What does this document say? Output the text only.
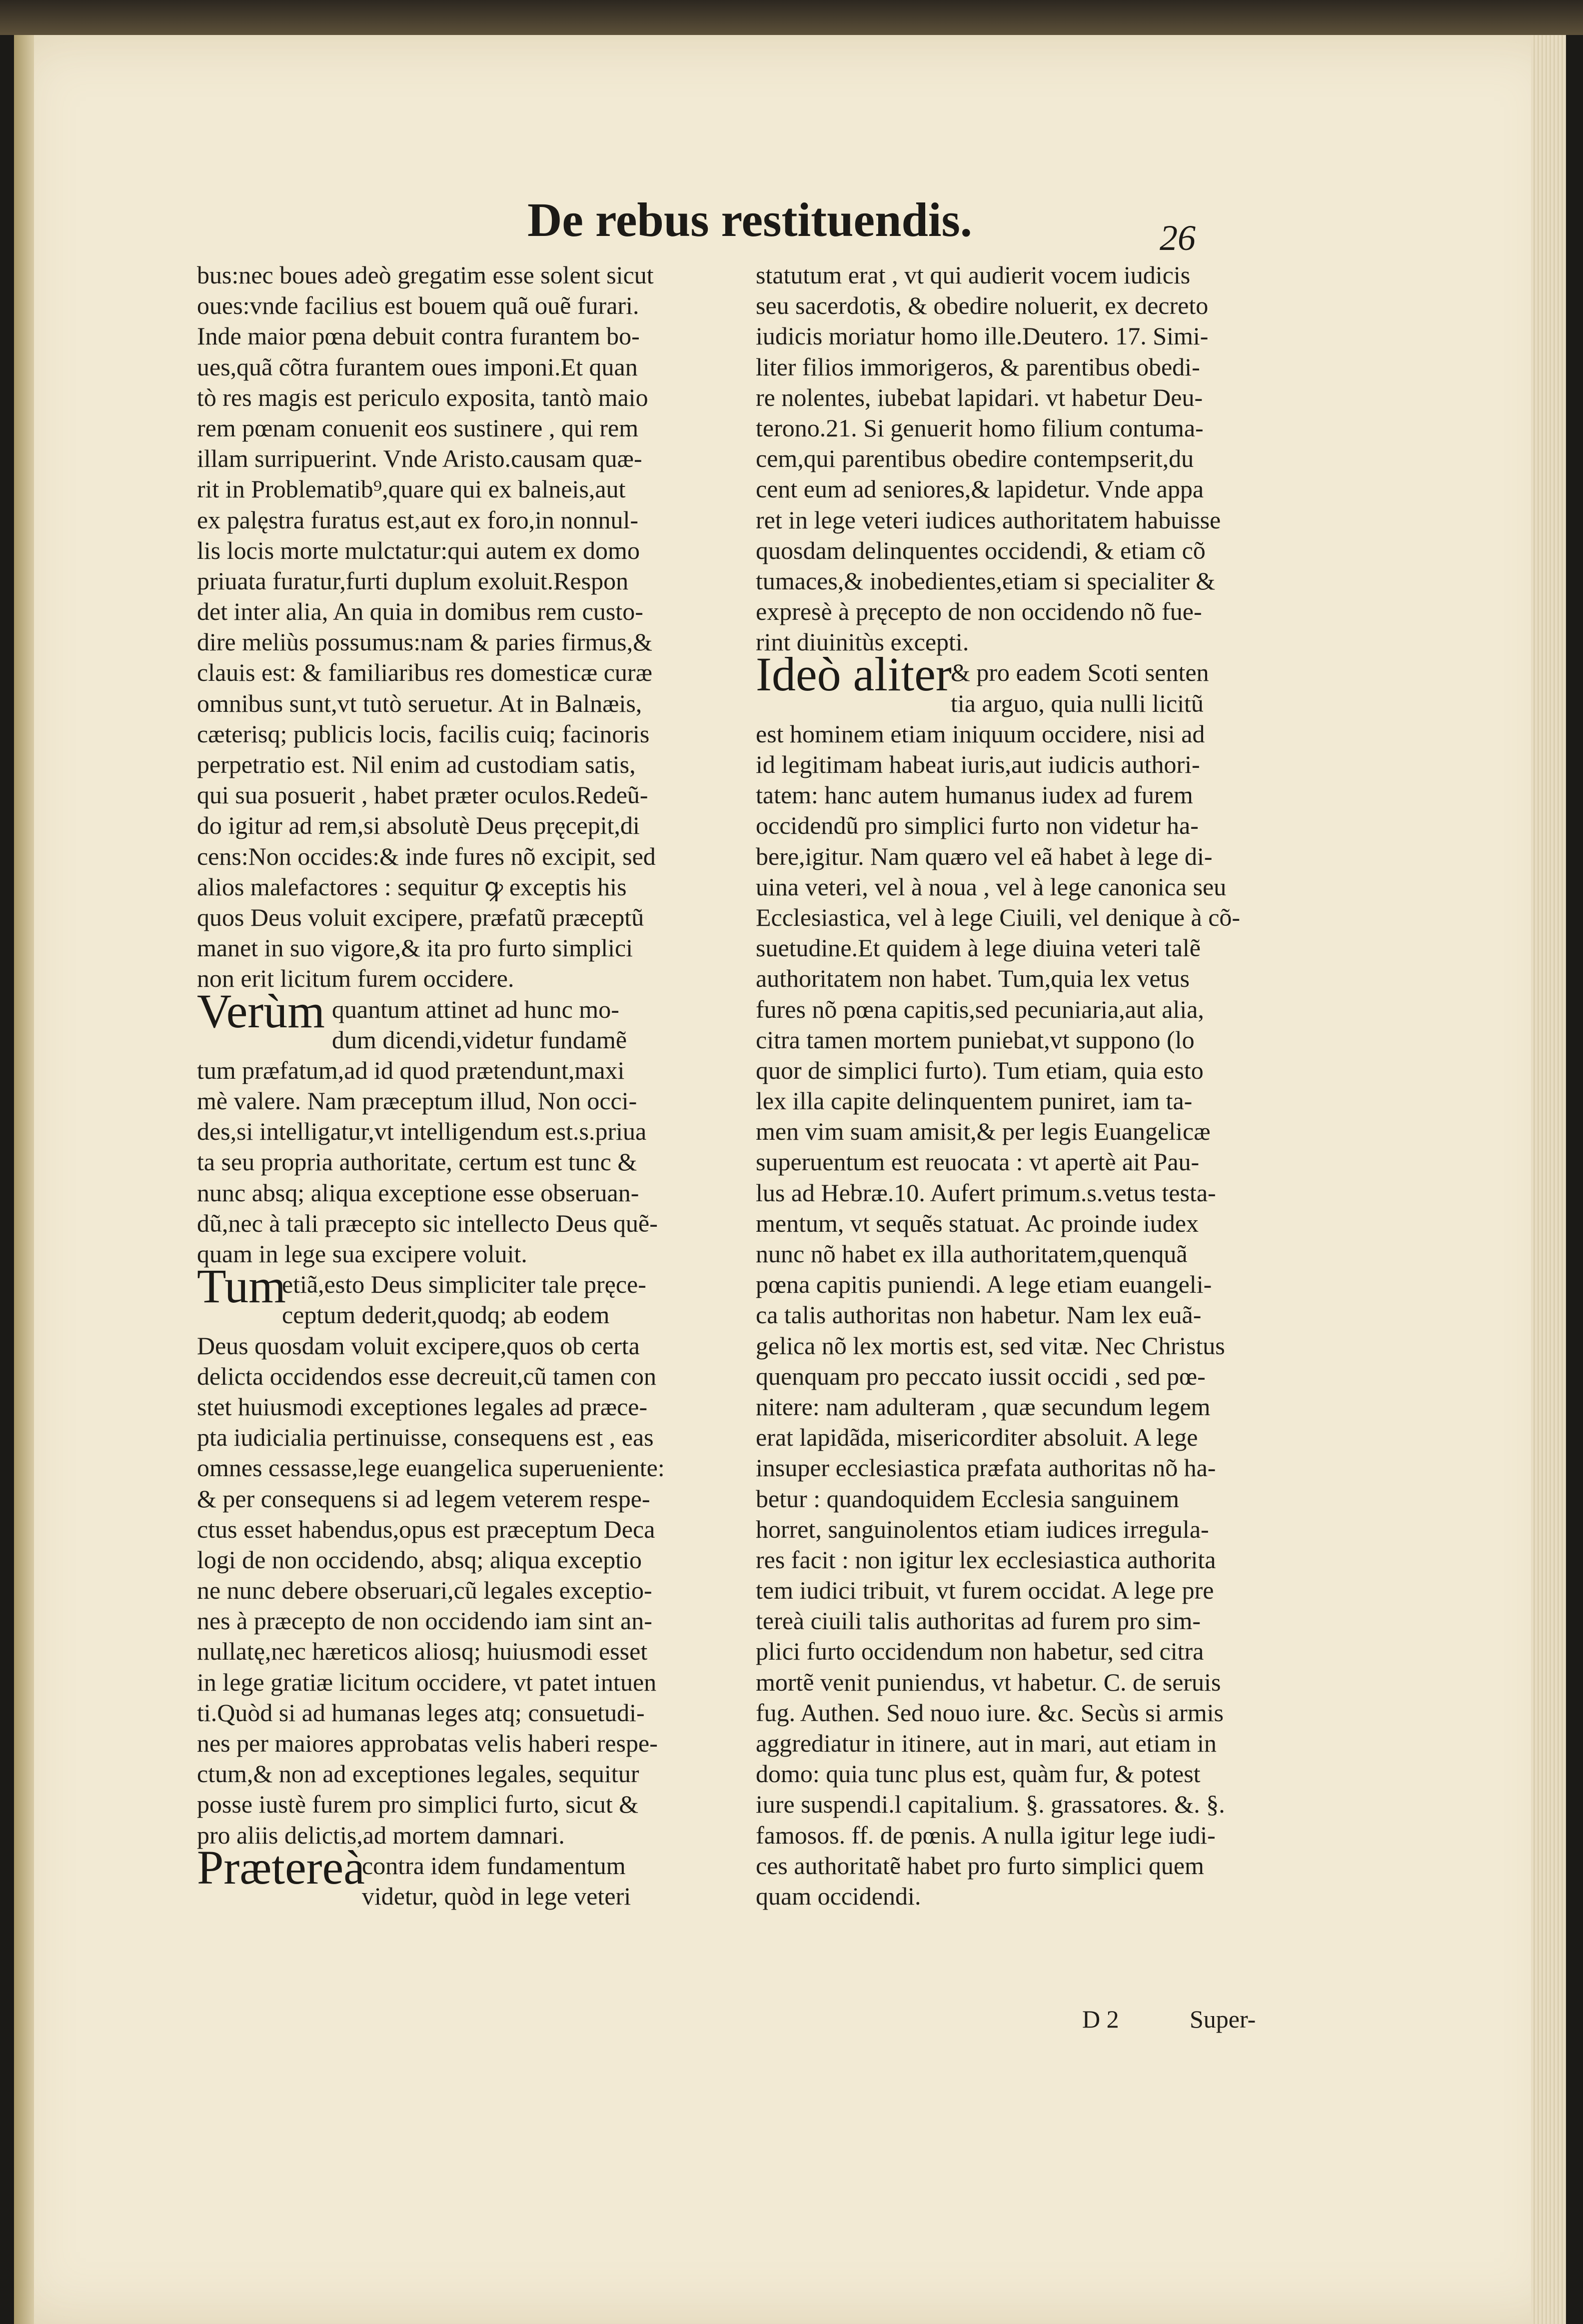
De rebus restituendis.	26
bus:nec boues adeò gregatim esse solent sicut
oues:vnde facilius est bouem quã ouẽ furari.
Inde maior pœna debuit contra furantem bo-
ues,quã cõtra furantem oues imponi.Et quan
tò res magis est periculo exposita, tantò maio
rem pœnam conuenit eos sustinere , qui rem
illam surripuerint. Vnde Aristo.causam quæ-
rit in Problematib⁹,quare qui ex balneis,aut
ex palęstra furatus est,aut ex foro,in nonnul-
lis locis morte mulctatur:qui autem ex domo
priuata furatur,furti duplum exoluit.Respon
det inter alia, An quia in domibus rem custo-
dire meliùs possumus:nam & paries firmus,&
clauis est: & familiaribus res domesticæ curæ
omnibus sunt,vt tutò seruetur. At in Balnæis,
cæterisq; publicis locis, facilis cuiq; facinoris
perpetratio est. Nil enim ad custodiam satis,
qui sua posuerit , habet præter oculos.Redeũ-
do igitur ad rem,si absolutè Deus pręcepit,di
cens:Non occides:& inde fures nõ excipit, sed
alios malefactores : sequitur ꝙ exceptis his
quos Deus voluit excipere, præfatũ præceptũ
manet in suo vigore,& ita pro furto simplici
non erit licitum furem occidere.
Verùm quantum attinet ad hunc mo-
dum dicendi,videtur fundamẽ
tum præfatum,ad id quod prætendunt,maxi
mè valere. Nam præceptum illud, Non occi-
des,si intelligatur,vt intelligendum est.s.priua
ta seu propria authoritate, certum est tunc &
nunc absq; aliqua exceptione esse obseruan-
dũ,nec à tali præcepto sic intellecto Deus quẽ-
quam in lege sua excipere voluit.
Tum
etiã,esto Deus simpliciter tale pręce-
ceptum dederit,quodq; ab eodem
Deus quosdam voluit excipere,quos ob certa
delicta occidendos esse decreuit,cũ tamen con
stet huiusmodi exceptiones legales ad præce-
pta iudicialia pertinuisse, consequens est , eas
omnes cessasse,lege euangelica superueniente:
& per consequens si ad legem veterem respe-
ctus esset habendus,opus est præceptum Deca
logi de non occidendo, absq; aliqua exceptio
ne nunc debere obseruari,cũ legales exceptio-
nes à præcepto de non occidendo iam sint an-
nullatę,nec hæreticos aliosq; huiusmodi esset
in lege gratiæ licitum occidere, vt patet intuen
ti.Quòd si ad humanas leges atq; consuetudi-
nes per maiores approbatas velis haberi respe-
ctum,& non ad exceptiones legales, sequitur
posse iustè furem pro simplici furto, sicut &
pro aliis delictis,ad mortem damnari.
Prætereà
contra idem fundamentum
videtur, quòd in lege veteri
statutum erat , vt qui audierit vocem iudicis
seu sacerdotis, & obedire noluerit, ex decreto
iudicis moriatur homo ille.Deutero. 17. Simi-
liter filios immorigeros, & parentibus obedi-
re nolentes, iubebat lapidari. vt habetur Deu-
terono.21. Si genuerit homo filium contuma-
cem,qui parentibus obedire contempserit,du
cent eum ad seniores,& lapidetur. Vnde appa
ret in lege veteri iudices authoritatem habuisse
quosdam delinquentes occidendi, & etiam cõ
tumaces,& inobedientes,etiam si specialiter &
expresè à pręcepto de non occidendo nõ fue-
rint diuinitùs excepti.
Ideò aliter
& pro eadem Scoti senten
tia arguo, quia nulli licitũ
est hominem etiam iniquum occidere, nisi ad
id legitimam habeat iuris,aut iudicis authori-
tatem: hanc autem humanus iudex ad furem
occidendũ pro simplici furto non videtur ha-
bere,igitur. Nam quæro vel eã habet à lege di-
uina veteri, vel à noua , vel à lege canonica seu
Ecclesiastica, vel à lege Ciuili, vel denique à cõ-
suetudine.Et quidem à lege diuina veteri talẽ
authoritatem non habet. Tum,quia lex vetus
fures nõ pœna capitis,sed pecuniaria,aut alia,
citra tamen mortem puniebat,vt suppono (lo
quor de simplici furto). Tum etiam, quia esto
lex illa capite delinquentem puniret, iam ta-
men vim suam amisit,& per legis Euangelicæ
superuentum est reuocata : vt apertè ait Pau-
lus ad Hebræ.10. Aufert primum.s.vetus testa-
mentum, vt sequẽs statuat. Ac proinde iudex
nunc nõ habet ex illa authoritatem,quenquã
pœna capitis puniendi. A lege etiam euangeli-
ca talis authoritas non habetur. Nam lex euã-
gelica nõ lex mortis est, sed vitæ. Nec Christus
quenquam pro peccato iussit occidi , sed pœ-
nitere: nam adulteram , quæ secundum legem
erat lapidãda, misericorditer absoluit. A lege
insuper ecclesiastica præfata authoritas nõ ha-
betur : quandoquidem Ecclesia sanguinem
horret, sanguinolentos etiam iudices irregula-
res facit : non igitur lex ecclesiastica authorita
tem iudici tribuit, vt furem occidat. A lege pre
tereà ciuili talis authoritas ad furem pro sim-
plici furto occidendum non habetur, sed citra
mortẽ venit puniendus, vt habetur. C. de seruis
fug. Authen. Sed nouo iure. &c. Secùs si armis
aggrediatur in itinere, aut in mari, aut etiam in
domo: quia tunc plus est, quàm fur, & potest
iure suspendi.l capitalium. §. grassatores. &. §.
famosos. ff. de pœnis. A nulla igitur lege iudi-
ces authoritatẽ habet pro furto simplici quem
quam occidendi.
D 2	Super-
